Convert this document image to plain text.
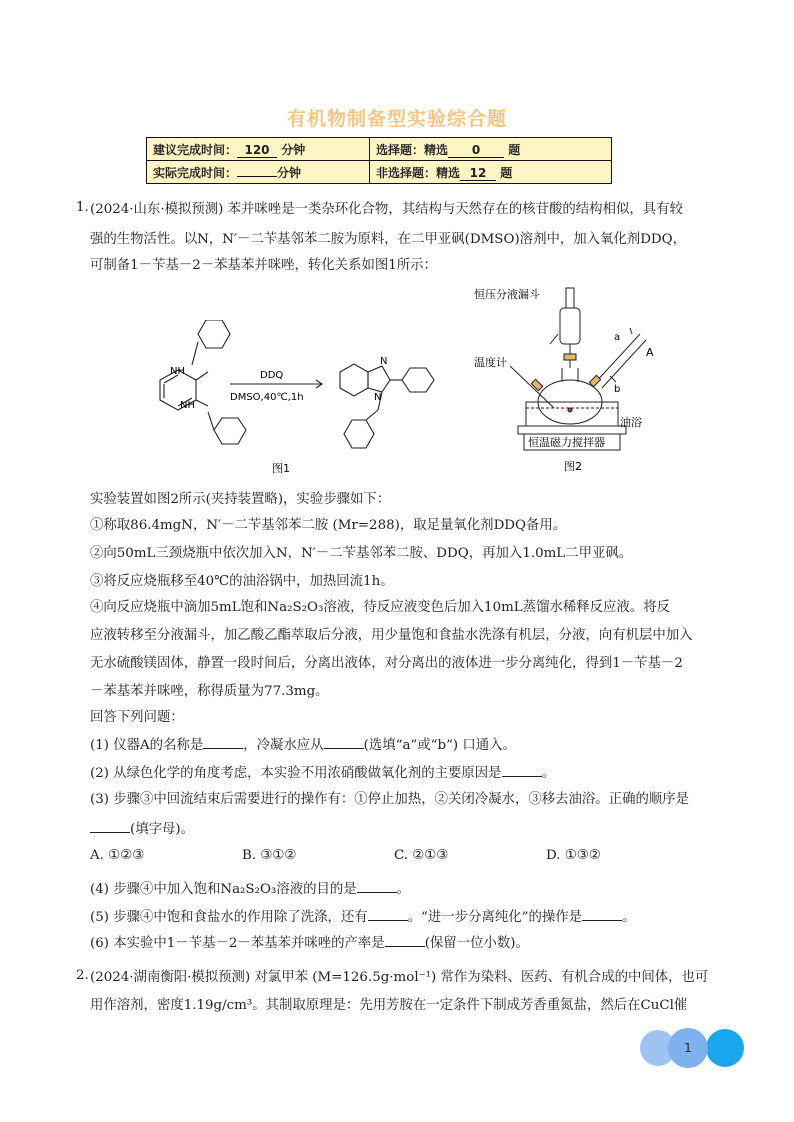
有机物制备型实验综合题
建议完成时间： 120 分钟	选择题：精选 0 题
实际完成时间： 分钟	非选择题：精选 12 题
1. (2024·山东·模拟预测) 苯并咪唑是一类杂环化合物，其结构与天然存在的核苷酸的结构相似，具有较
强的生物活性。以N，N′－二苄基邻苯二胺为原料，在二甲亚砜(DMSO)溶剂中，加入氧化剂DDQ，
可制备1－苄基－2－苯基苯并咪唑，转化关系如图1所示：
NH
NH
DDQ
DMSO,40℃,1h
N
N
图1
恒压分液漏斗
温度计
油浴
恒温磁力搅拌器
a
b
A
图2
实验装置如图2所示(夹持装置略)，实验步骤如下：
①称取86.4mgN，N′－二苄基邻苯二胺 (Mr=288)，取足量氧化剂DDQ备用。
②向50mL三颈烧瓶中依次加入N，N′－二苄基邻苯二胺、DDQ，再加入1.0mL二甲亚砜。
③将反应烧瓶移至40℃的油浴锅中，加热回流1h。
④向反应烧瓶中滴加5mL饱和Na₂S₂O₃溶液，待反应液变色后加入10mL蒸馏水稀释反应液。将反
应液转移至分液漏斗，加乙酸乙酯萃取后分液，用少量饱和食盐水洗涤有机层，分液，向有机层中加入
无水硫酸镁固体，静置一段时间后，分离出液体，对分离出的液体进一步分离纯化，得到1－苄基－2
－苯基苯并咪唑，称得质量为77.3mg。
回答下列问题：
(1) 仪器A的名称是	，冷凝水应从	(选填“a”或“b”) 口通入。
(2) 从绿色化学的角度考虑，本实验不用浓硝酸做氧化剂的主要原因是	。
(3) 步骤③中回流结束后需要进行的操作有：①停止加热，②关闭冷凝水，③移去油浴。正确的顺序是
(填字母)。
A. ①②③	B. ③①②	C. ②①③	D. ①③②
(4) 步骤④中加入饱和Na₂S₂O₃溶液的目的是	。
(5) 步骤④中饱和食盐水的作用除了洗涤，还有	。“进一步分离纯化”的操作是	。
(6) 本实验中1－苄基－2－苯基苯并咪唑的产率是	(保留一位小数)。
2. (2024·湖南衡阳·模拟预测) 对氯甲苯 (M=126.5g·mol⁻¹) 常作为染料、医药、有机合成的中间体，也可
用作溶剂，密度1.19g/cm³。其制取原理是：先用芳胺在一定条件下制成芳香重氮盐，然后在CuCl催
1
